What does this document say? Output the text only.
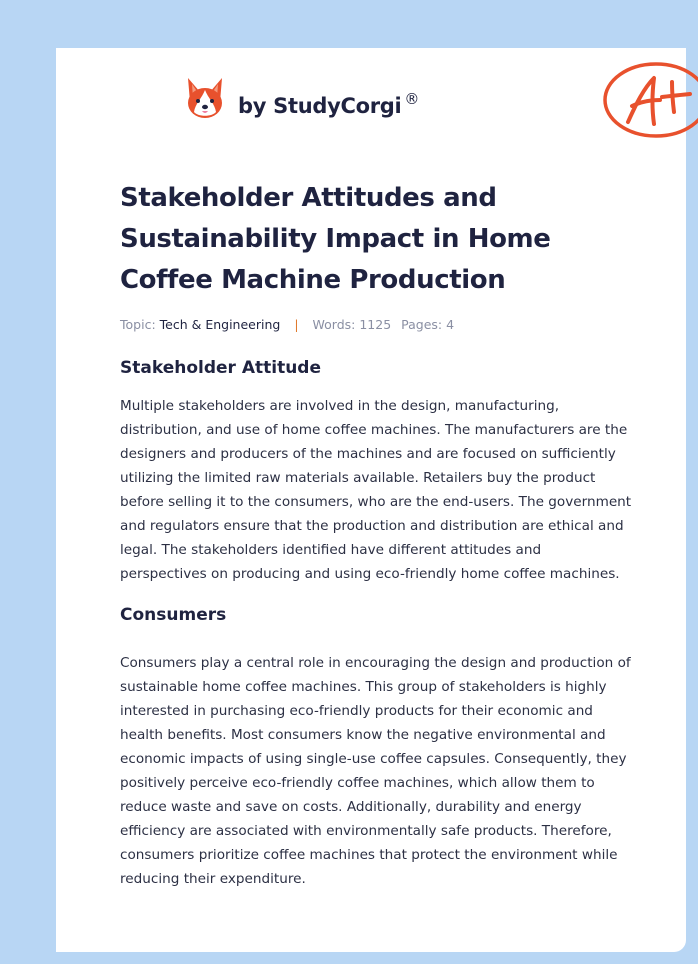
by StudyCorgi ®
Stakeholder Attitudes and Sustainability Impact in Home Coffee Machine Production
Topic: Tech & Engineering | Words: 1125 Pages: 4
Stakeholder Attitude

Multiple stakeholders are involved in the design, manufacturing, distribution, and use of home coffee machines. The manufacturers are the designers and producers of the machines and are focused on sufficiently utilizing the limited raw materials available. Retailers buy the product before selling it to the consumers, who are the end-users. The government and regulators ensure that the production and distribution are ethical and legal. The stakeholders identified have different attitudes and perspectives on producing and using eco-friendly home coffee machines.

Consumers

Consumers play a central role in encouraging the design and production of sustainable home coffee machines. This group of stakeholders is highly interested in purchasing eco-friendly products for their economic and health benefits. Most consumers know the negative environmental and economic impacts of using single-use coffee capsules. Consequently, they positively perceive eco-friendly coffee machines, which allow them to reduce waste and save on costs. Additionally, durability and energy efficiency are associated with environmentally safe products. Therefore, consumers prioritize coffee machines that protect the environment while reducing their expenditure.
